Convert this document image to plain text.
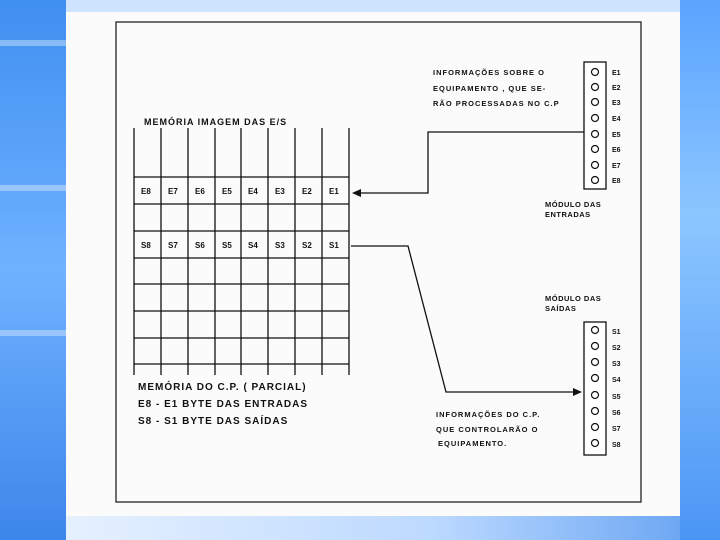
MEMÓRIA IMAGEM DAS E/S
E8 E7 E6 E5 E4 E3 E2 E1
S8 S7 S6 S5 S4 S3 S2 S1
MEMÓRIA DO C.P. ( PARCIAL)
E8 - E1 BYTE DAS ENTRADAS
S8 - S1 BYTE DAS SAÍDAS
INFORMAÇÕES SOBRE O
EQUIPAMENTO , QUE SE-
RÃO PROCESSADAS NO C.P
E1
E2
E3
E4
E5
E6
E7
E8
MÓDULO DAS
ENTRADAS
MÓDULO DAS
SAÍDAS
S1
S2
S3
S4
S5
S6
S7
S8
INFORMAÇÕES DO C.P.
QUE CONTROLARÃO O
EQUIPAMENTO.
